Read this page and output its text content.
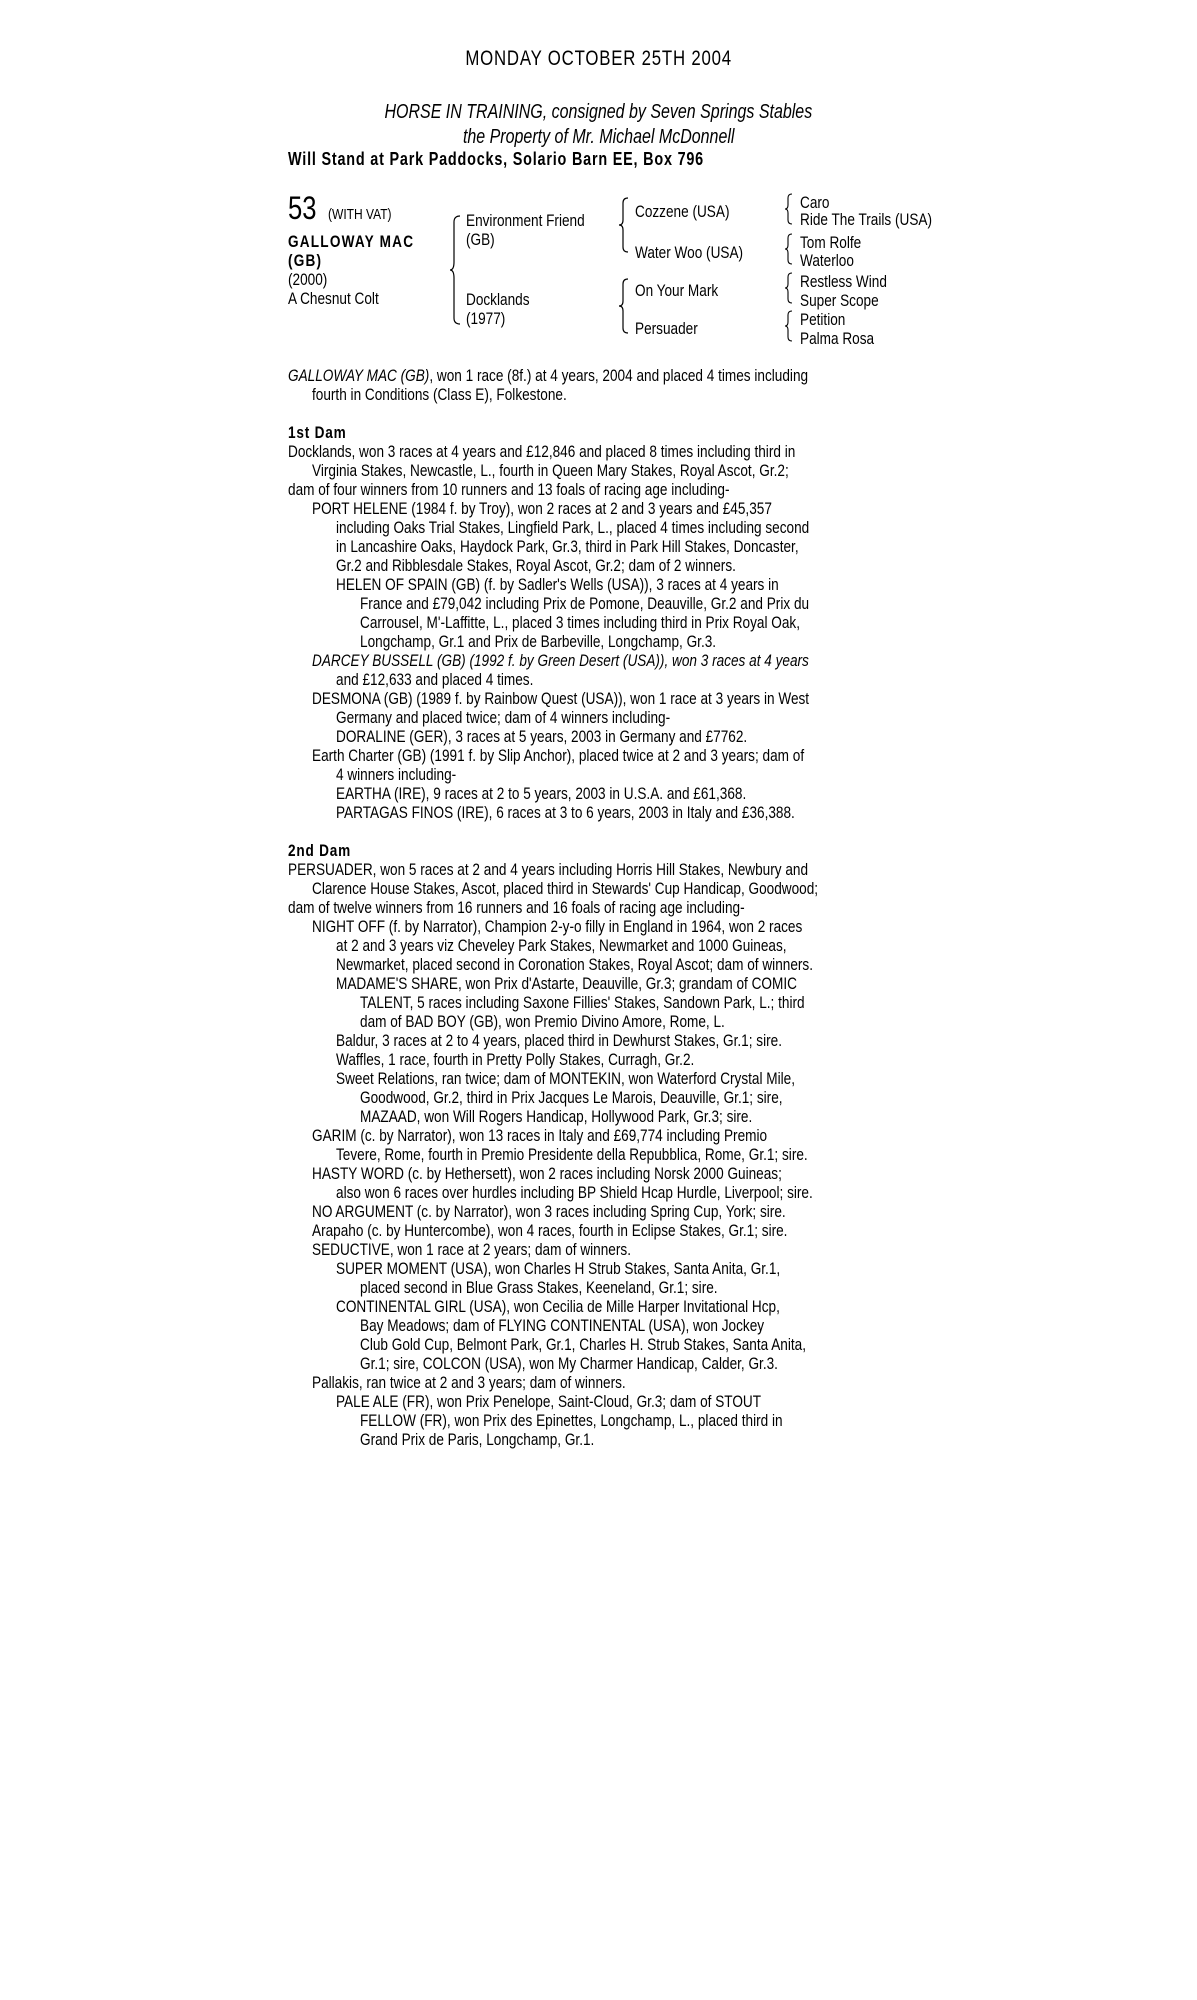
MONDAY OCTOBER 25TH 2004
HORSE IN TRAINING, consigned by Seven Springs Stables
the Property of Mr. Michael McDonnell
Will Stand at Park Paddocks, Solario Barn EE, Box 796
53 (WITH VAT)
GALLOWAY MAC
(GB)
(2000)
A Chesnut Colt
Environment Friend
(GB)
Docklands
(1977)
Cozzene (USA)
Water Woo (USA)
On Your Mark
Persuader
Caro
Ride The Trails (USA)
Tom Rolfe
Waterloo
Restless Wind
Super Scope
Petition
Palma Rosa
GALLOWAY MAC (GB), won 1 race (8f.) at 4 years, 2004 and placed 4 times including
fourth in Conditions (Class E), Folkestone.
1st Dam
Docklands, won 3 races at 4 years and £12,846 and placed 8 times including third in
Virginia Stakes, Newcastle, L., fourth in Queen Mary Stakes, Royal Ascot, Gr.2;
dam of four winners from 10 runners and 13 foals of racing age including-
PORT HELENE (1984 f. by Troy), won 2 races at 2 and 3 years and £45,357
including Oaks Trial Stakes, Lingfield Park, L., placed 4 times including second
in Lancashire Oaks, Haydock Park, Gr.3, third in Park Hill Stakes, Doncaster,
Gr.2 and Ribblesdale Stakes, Royal Ascot, Gr.2; dam of 2 winners.
HELEN OF SPAIN (GB) (f. by Sadler's Wells (USA)), 3 races at 4 years in
France and £79,042 including Prix de Pomone, Deauville, Gr.2 and Prix du
Carrousel, M'-Laffitte, L., placed 3 times including third in Prix Royal Oak,
Longchamp, Gr.1 and Prix de Barbeville, Longchamp, Gr.3.
DARCEY BUSSELL (GB) (1992 f. by Green Desert (USA)), won 3 races at 4 years
and £12,633 and placed 4 times.
DESMONA (GB) (1989 f. by Rainbow Quest (USA)), won 1 race at 3 years in West
Germany and placed twice; dam of 4 winners including-
DORALINE (GER), 3 races at 5 years, 2003 in Germany and £7762.
Earth Charter (GB) (1991 f. by Slip Anchor), placed twice at 2 and 3 years; dam of
4 winners including-
EARTHA (IRE), 9 races at 2 to 5 years, 2003 in U.S.A. and £61,368.
PARTAGAS FINOS (IRE), 6 races at 3 to 6 years, 2003 in Italy and £36,388.
2nd Dam
PERSUADER, won 5 races at 2 and 4 years including Horris Hill Stakes, Newbury and
Clarence House Stakes, Ascot, placed third in Stewards' Cup Handicap, Goodwood;
dam of twelve winners from 16 runners and 16 foals of racing age including-
NIGHT OFF (f. by Narrator), Champion 2-y-o filly in England in 1964, won 2 races
at 2 and 3 years viz Cheveley Park Stakes, Newmarket and 1000 Guineas,
Newmarket, placed second in Coronation Stakes, Royal Ascot; dam of winners.
MADAME'S SHARE, won Prix d'Astarte, Deauville, Gr.3; grandam of COMIC
TALENT, 5 races including Saxone Fillies' Stakes, Sandown Park, L.; third
dam of BAD BOY (GB), won Premio Divino Amore, Rome, L.
Baldur, 3 races at 2 to 4 years, placed third in Dewhurst Stakes, Gr.1; sire.
Waffles, 1 race, fourth in Pretty Polly Stakes, Curragh, Gr.2.
Sweet Relations, ran twice; dam of MONTEKIN, won Waterford Crystal Mile,
Goodwood, Gr.2, third in Prix Jacques Le Marois, Deauville, Gr.1; sire,
MAZAAD, won Will Rogers Handicap, Hollywood Park, Gr.3; sire.
GARIM (c. by Narrator), won 13 races in Italy and £69,774 including Premio
Tevere, Rome, fourth in Premio Presidente della Repubblica, Rome, Gr.1; sire.
HASTY WORD (c. by Hethersett), won 2 races including Norsk 2000 Guineas;
also won 6 races over hurdles including BP Shield Hcap Hurdle, Liverpool; sire.
NO ARGUMENT (c. by Narrator), won 3 races including Spring Cup, York; sire.
Arapaho (c. by Huntercombe), won 4 races, fourth in Eclipse Stakes, Gr.1; sire.
SEDUCTIVE, won 1 race at 2 years; dam of winners.
SUPER MOMENT (USA), won Charles H Strub Stakes, Santa Anita, Gr.1,
placed second in Blue Grass Stakes, Keeneland, Gr.1; sire.
CONTINENTAL GIRL (USA), won Cecilia de Mille Harper Invitational Hcp,
Bay Meadows; dam of FLYING CONTINENTAL (USA), won Jockey
Club Gold Cup, Belmont Park, Gr.1, Charles H. Strub Stakes, Santa Anita,
Gr.1; sire, COLCON (USA), won My Charmer Handicap, Calder, Gr.3.
Pallakis, ran twice at 2 and 3 years; dam of winners.
PALE ALE (FR), won Prix Penelope, Saint-Cloud, Gr.3; dam of STOUT
FELLOW (FR), won Prix des Epinettes, Longchamp, L., placed third in
Grand Prix de Paris, Longchamp, Gr.1.
